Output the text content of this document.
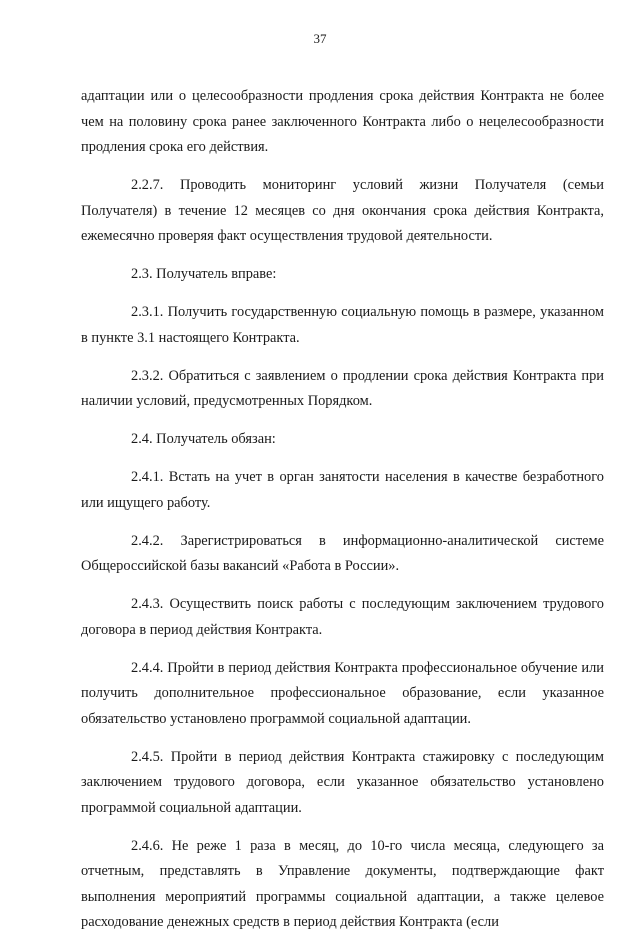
37

адаптации или о целесообразности продления срока действия Контракта не более чем на половину срока ранее заключенного Контракта либо о нецелесообразности продления срока его действия.

2.2.7. Проводить мониторинг условий жизни Получателя (семьи Получателя) в течение 12 месяцев со дня окончания срока действия Контракта, ежемесячно проверяя факт осуществления трудовой деятельности.

2.3. Получатель вправе:

2.3.1. Получить государственную социальную помощь в размере, указанном в пункте 3.1 настоящего Контракта.

2.3.2. Обратиться с заявлением о продлении срока действия Контракта при наличии условий, предусмотренных Порядком.

2.4. Получатель обязан:

2.4.1. Встать на учет в орган занятости населения в качестве безработного или ищущего работу.

2.4.2. Зарегистрироваться в информационно-аналитической системе Общероссийской базы вакансий «Работа в России».

2.4.3. Осуществить поиск работы с последующим заключением трудового договора в период действия Контракта.

2.4.4. Пройти в период действия Контракта профессиональное обучение или получить дополнительное профессиональное образование, если указанное обязательство установлено программой социальной адаптации.

2.4.5. Пройти в период действия Контракта стажировку с последующим заключением трудового договора, если указанное обязательство установлено программой социальной адаптации.

2.4.6. Не реже 1 раза в месяц, до 10-го числа месяца, следующего за отчетным, представлять в Управление документы, подтверждающие факт выполнения мероприятий программы социальной адаптации, а также целевое расходование денежных средств в период действия Контракта (если
